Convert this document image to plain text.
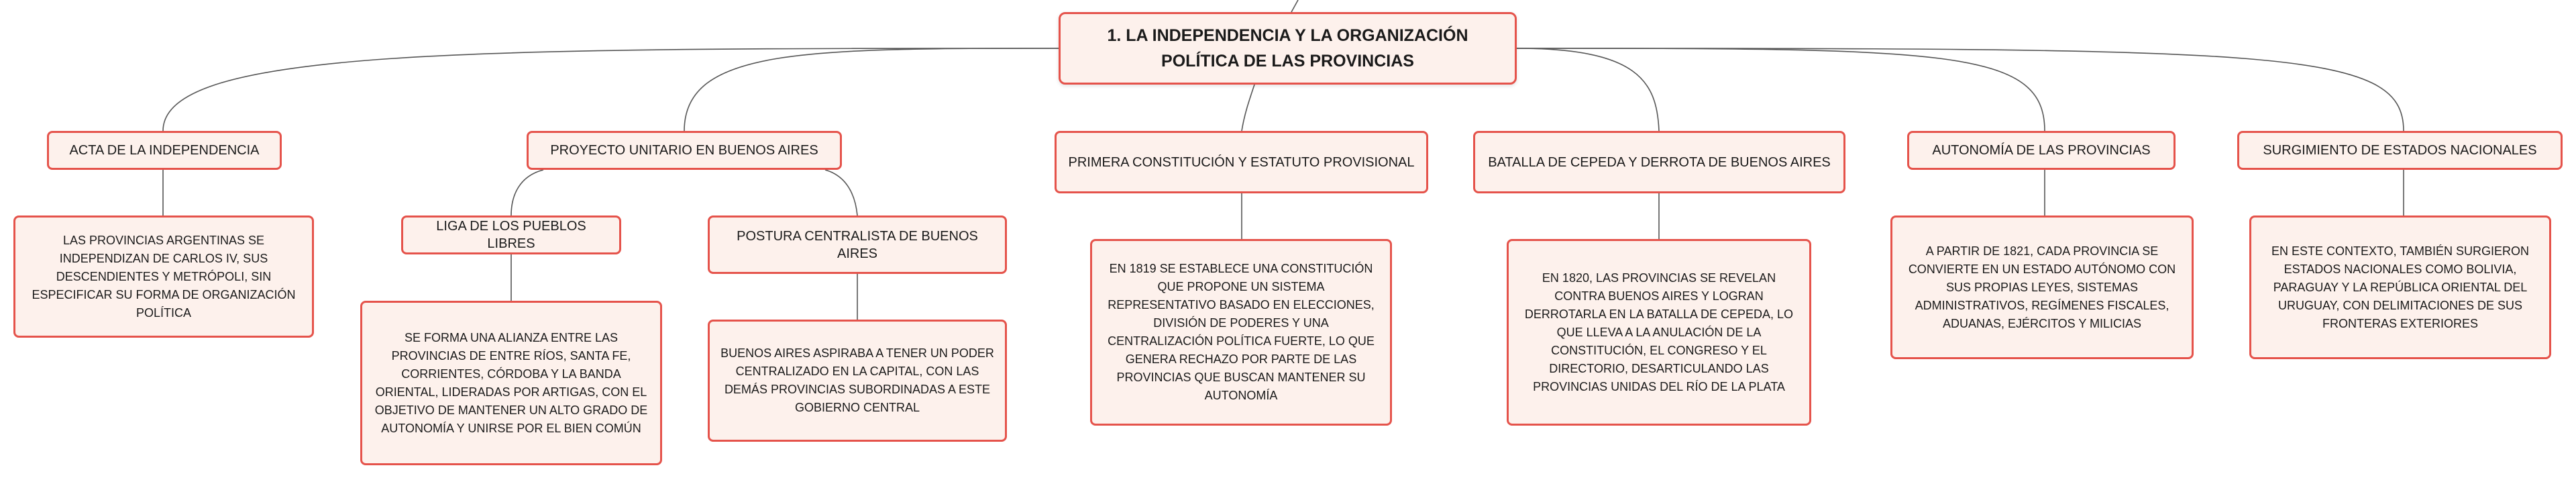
1. LA INDEPENDENCIA Y LA ORGANIZACIÓN POLÍTICA DE LAS PROVINCIAS
ACTA DE LA INDEPENDENCIA
LAS PROVINCIAS ARGENTINAS SE INDEPENDIZAN DE CARLOS IV, SUS DESCENDIENTES Y METRÓPOLI, SIN ESPECIFICAR SU FORMA DE ORGANIZACIÓN POLÍTICA
PROYECTO UNITARIO EN BUENOS AIRES
LIGA DE LOS PUEBLOS LIBRES
SE FORMA UNA ALIANZA ENTRE LAS PROVINCIAS DE ENTRE RÍOS, SANTA FE, CORRIENTES, CÓRDOBA Y LA BANDA ORIENTAL, LIDERADAS POR ARTIGAS, CON EL OBJETIVO DE MANTENER UN ALTO GRADO DE AUTONOMÍA Y UNIRSE POR EL BIEN COMÚN
POSTURA CENTRALISTA DE BUENOS AIRES
BUENOS AIRES ASPIRABA A TENER UN PODER CENTRALIZADO EN LA CAPITAL, CON LAS DEMÁS PROVINCIAS SUBORDINADAS A ESTE GOBIERNO CENTRAL
PRIMERA CONSTITUCIÓN Y ESTATUTO PROVISIONAL
EN 1819 SE ESTABLECE UNA CONSTITUCIÓN QUE PROPONE UN SISTEMA REPRESENTATIVO BASADO EN ELECCIONES, DIVISIÓN DE PODERES Y UNA CENTRALIZACIÓN POLÍTICA FUERTE, LO QUE GENERA RECHAZO POR PARTE DE LAS PROVINCIAS QUE BUSCAN MANTENER SU AUTONOMÍA
BATALLA DE CEPEDA Y DERROTA DE BUENOS AIRES
EN 1820, LAS PROVINCIAS SE REVELAN CONTRA BUENOS AIRES Y LOGRAN DERROTARLA EN LA BATALLA DE CEPEDA, LO QUE LLEVA A LA ANULACIÓN DE LA CONSTITUCIÓN, EL CONGRESO Y EL DIRECTORIO, DESARTICULANDO LAS PROVINCIAS UNIDAS DEL RÍO DE LA PLATA
AUTONOMÍA DE LAS PROVINCIAS
A PARTIR DE 1821, CADA PROVINCIA SE CONVIERTE EN UN ESTADO AUTÓNOMO CON SUS PROPIAS LEYES, SISTEMAS ADMINISTRATIVOS, REGÍMENES FISCALES, ADUANAS, EJÉRCITOS Y MILICIAS
SURGIMIENTO DE ESTADOS NACIONALES
EN ESTE CONTEXTO, TAMBIÉN SURGIERON ESTADOS NACIONALES COMO BOLIVIA, PARAGUAY Y LA REPÚBLICA ORIENTAL DEL URUGUAY, CON DELIMITACIONES DE SUS FRONTERAS EXTERIORES
